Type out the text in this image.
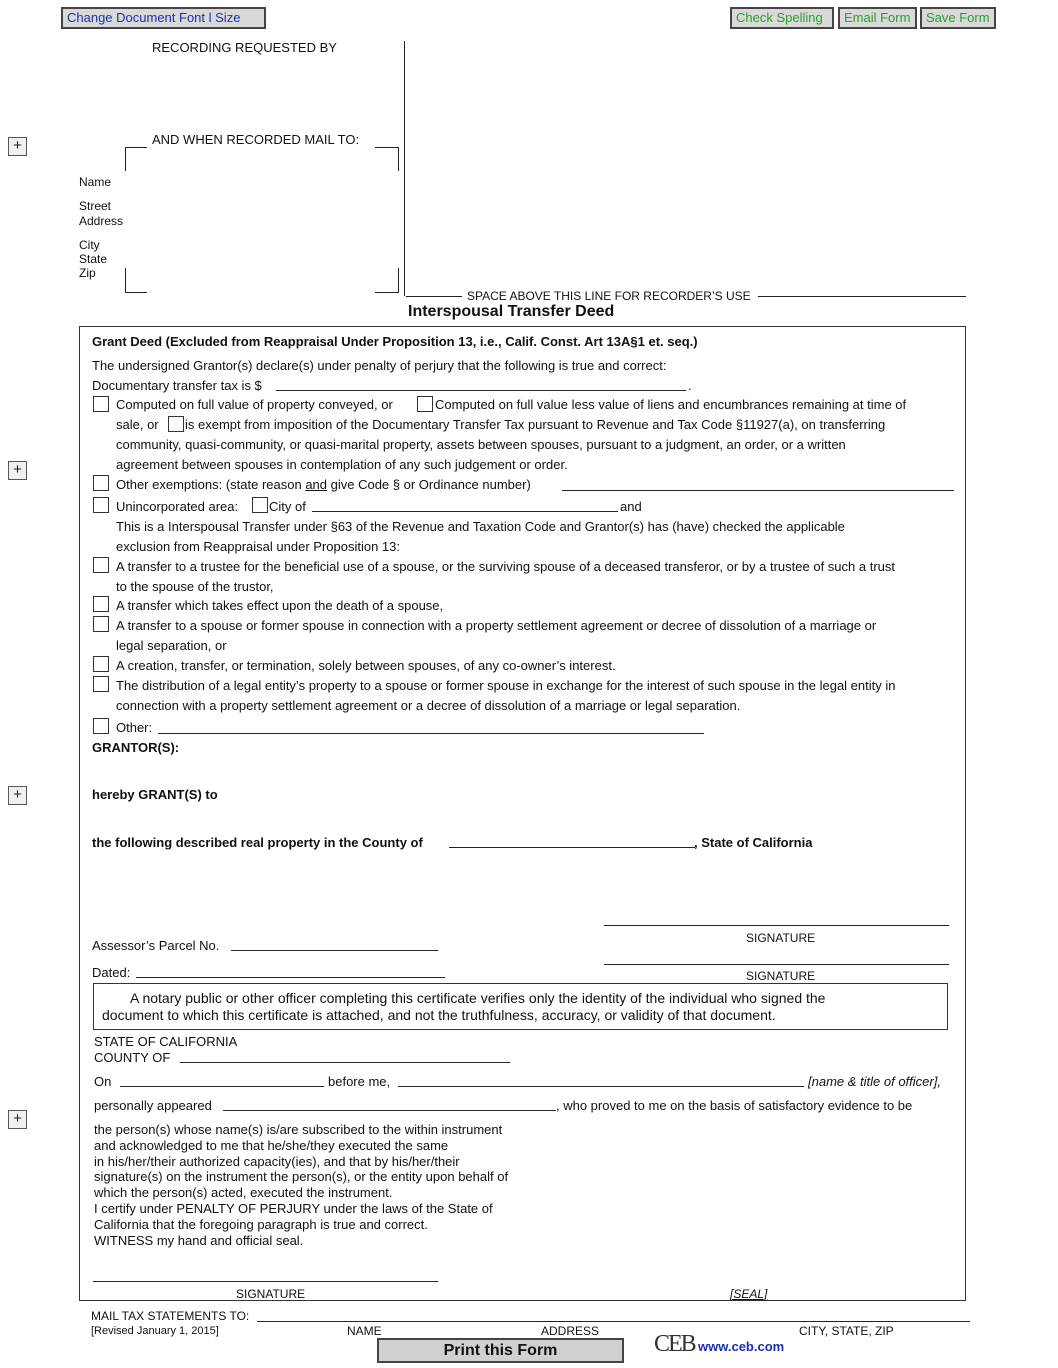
Change Document Font l Size	Check Spelling	Email Form	Save Form
+
+
+
+
RECORDING REQUESTED BY
AND WHEN RECORDED MAIL TO:
Name
Street
Address
City
State
Zip
SPACE ABOVE THIS LINE FOR RECORDER’S USE
Interspousal Transfer Deed
Grant Deed (Excluded from Reappraisal Under Proposition 13, i.e., Calif. Const. Art 13A§1 et. seq.)
The undersigned Grantor(s) declare(s) under penalty of perjury that the following is true and correct:
Documentary transfer tax is $	.
Computed on full value of property conveyed, or	Computed on full value less value of liens and encumbrances remaining at time of
sale, or is exempt from imposition of the Documentary Transfer Tax pursuant to Revenue and Tax Code §11927(a), on transferring
community, quasi-community, or quasi-marital property, assets between spouses, pursuant to a judgment, an order, or a written
agreement between spouses in contemplation of any such judgement or order.
Other exemptions: (state reason and give Code § or Ordinance number)
Unincorporated area: City of	and
This is a Interspousal Transfer under §63 of the Revenue and Taxation Code and Grantor(s) has (have) checked the applicable
exclusion from Reappraisal under Proposition 13:
A transfer to a trustee for the beneficial use of a spouse, or the surviving spouse of a deceased transferor, or by a trustee of such a trust
to the spouse of the trustor,
A transfer which takes effect upon the death of a spouse,
A transfer to a spouse or former spouse in connection with a property settlement agreement or decree of dissolution of a marriage or
legal separation, or
A creation, transfer, or termination, solely between spouses, of any co-owner’s interest.
The distribution of a legal entity’s property to a spouse or former spouse in exchange for the interest of such spouse in the legal entity in
connection with a property settlement agreement or a decree of dissolution of a marriage or legal separation.
Other:
GRANTOR(S):
hereby GRANT(S) to
the following described real property in the County of	, State of California
SIGNATURE
Assessor’s Parcel No.
Dated:	SIGNATURE
A notary public or other officer completing this certificate verifies only the identity of the individual who signed the
document to which this certificate is attached, and not the truthfulness, accuracy, or validity of that document.
STATE OF CALIFORNIA
COUNTY OF
On	before me,	[name & title of officer],
personally appeared	, who proved to me on the basis of satisfactory evidence to be
the person(s) whose name(s) is/are subscribed to the within instrument
and acknowledged to me that he/she/they executed the same
in his/her/their authorized capacity(ies), and that by his/her/their
signature(s) on the instrument the person(s), or the entity upon behalf of
which the person(s) acted, executed the instrument.
I certify under PENALTY OF PERJURY under the laws of the State of
California that the foregoing paragraph is true and correct.
WITNESS my hand and official seal.
SIGNATURE	[SEAL]
MAIL TAX STATEMENTS TO:
[Revised January 1, 2015]	NAME	ADDRESS	CITY, STATE, ZIP
Print this Form	CEB www.ceb.com
